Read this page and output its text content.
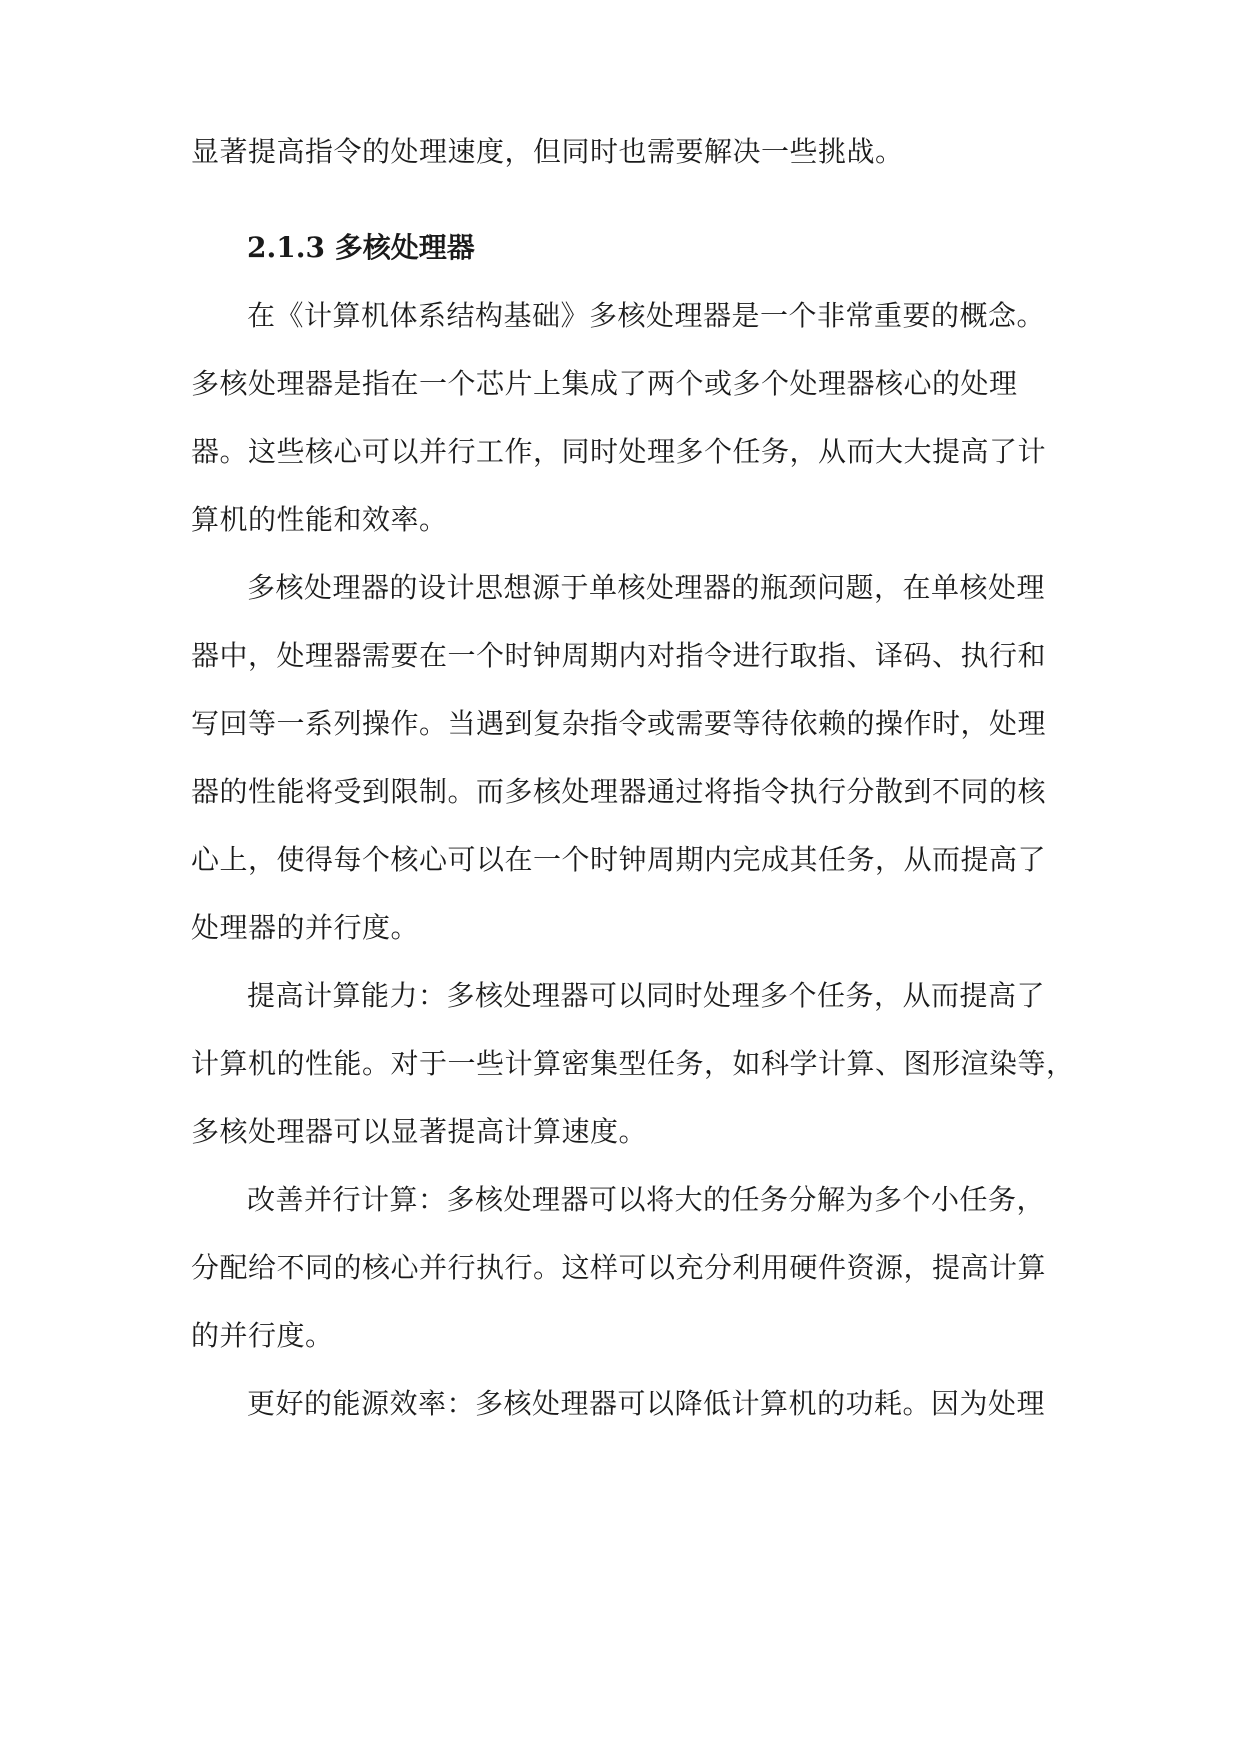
显著提高指令的处理速度，但同时也需要解决一些挑战。
2.1.3 多核处理器
在《计算机体系结构基础》多核处理器是一个非常重要的概念。
多核处理器是指在一个芯片上集成了两个或多个处理器核心的处理
器。这些核心可以并行工作，同时处理多个任务，从而大大提高了计
算机的性能和效率。
多核处理器的设计思想源于单核处理器的瓶颈问题，在单核处理
器中，处理器需要在一个时钟周期内对指令进行取指、译码、执行和
写回等一系列操作。当遇到复杂指令或需要等待依赖的操作时，处理
器的性能将受到限制。而多核处理器通过将指令执行分散到不同的核
心上，使得每个核心可以在一个时钟周期内完成其任务，从而提高了
处理器的并行度。
提高计算能力：多核处理器可以同时处理多个任务，从而提高了
计算机的性能。对于一些计算密集型任务，如科学计算、图形渲染等，
多核处理器可以显著提高计算速度。
改善并行计算：多核处理器可以将大的任务分解为多个小任务，
分配给不同的核心并行执行。这样可以充分利用硬件资源，提高计算
的并行度。
更好的能源效率：多核处理器可以降低计算机的功耗。因为处理
